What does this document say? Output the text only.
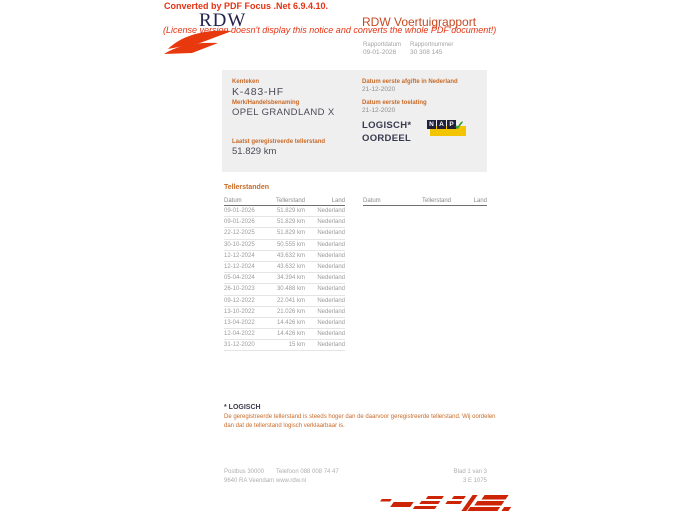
Converted by PDF Focus .Net 6.9.4.10.
(License version doesn't display this notice and converts the whole PDF document!)
RDW	RDW Voertuigrapport
Rapportdatum
09-01-2026
Rapportnummer
30 308 145
Kenteken
K-483-HF
Merk/Handelsbenaming
OPEL GRANDLAND X
Laatst geregistreerde tellerstand
51.829 km
Datum eerste afgifte in Nederland
21-12-2020
Datum eerste toelating
21-12-2020
LOGISCH*
OORDEEL
N A P ✓
Tellerstanden
Datum	Tellerstand	Land
09-01-2026	51.829 km	Nederland
09-01-2026	51.829 km	Nederland
22-12-2025	51.829 km	Nederland
30-10-2025	50.555 km	Nederland
12-12-2024	43.632 km	Nederland
12-12-2024	43.632 km	Nederland
05-04-2024	34.394 km	Nederland
26-10-2023	30.488 km	Nederland
09-12-2022	22.041 km	Nederland
13-10-2022	21.026 km	Nederland
13-04-2022	14.426 km	Nederland
12-04-2022	14.426 km	Nederland
31-12-2020	15 km	Nederland
Datum	Tellerstand	Land
* LOGISCH
De geregistreerde tellerstand is steeds hoger dan de daarvoor geregistreerde tellerstand. Wij oordelen dan dat de tellerstand logisch verklaarbaar is.
Postbus 30000
9640 RA Veendam
Telefoon 088 008 74 47
www.rdw.nl
Blad 1 van 3
3 E 1075
